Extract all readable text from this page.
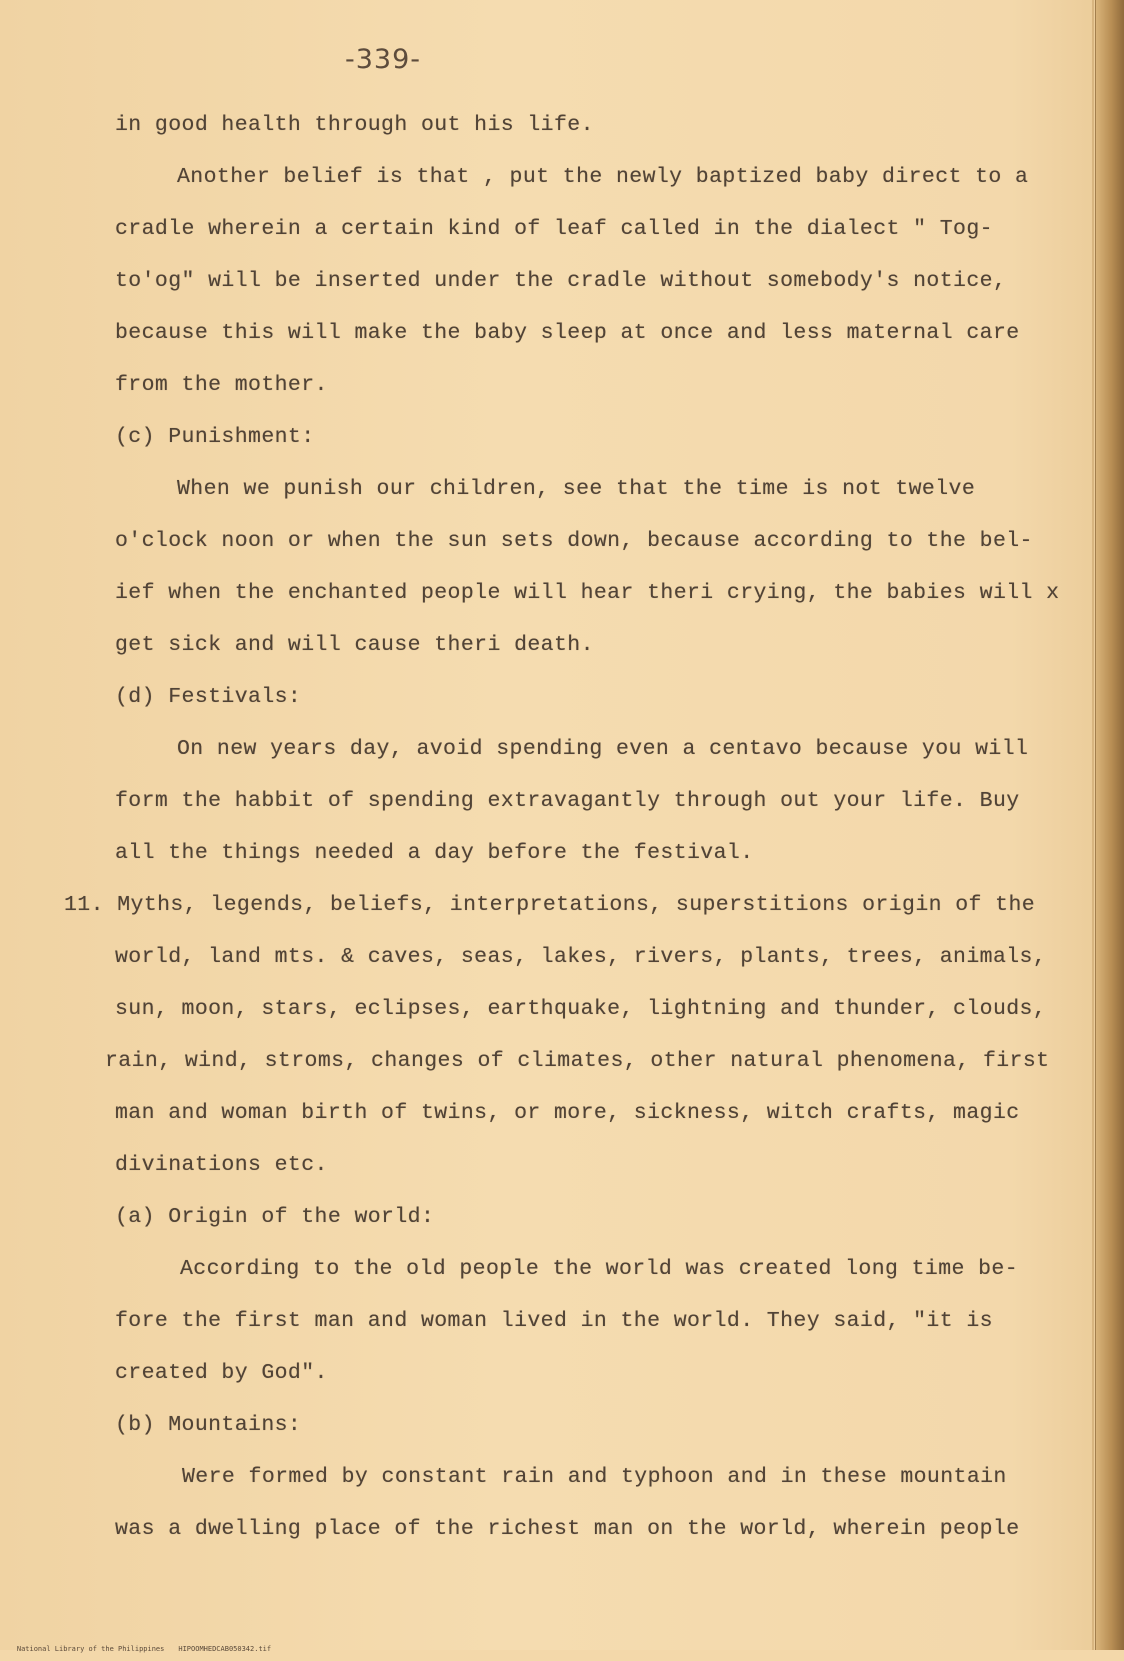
-339-
in good health through out his life.
Another belief is that , put the newly baptized baby direct to a
cradle wherein a certain kind of leaf called in the dialect " Tog-
to'og" will be inserted under the cradle without somebody's notice,
because this will make the baby sleep at once and less maternal care
from the mother.
(c) Punishment:
When we punish our children, see that the time is not twelve
o'clock noon or when the sun sets down, because according to the bel-
ief when the enchanted people will hear theri crying, the babies will x
get sick and will cause theri death.
(d) Festivals:
On new years day, avoid spending even a centavo because you will
form the habbit of spending extravagantly through out your life. Buy
all the things needed a day before the festival.
11. Myths, legends, beliefs, interpretations, superstitions origin of the
world, land mts. & caves, seas, lakes, rivers, plants, trees, animals,
sun, moon, stars, eclipses, earthquake, lightning and thunder, clouds,
rain, wind, stroms, changes of climates, other natural phenomena, first
man and woman birth of twins, or more, sickness, witch crafts, magic
divinations etc.
(a) Origin of the world:
According to the old people the world was created long time be-
fore the first man and woman lived in the world. They said, "it is
created by God".
(b) Mountains:
Were formed by constant rain and typhoon and in these mountain
was a dwelling place of the richest man on the world, wherein people

National Library of the Philippines HIPOOMHEDCAB050342.tif
